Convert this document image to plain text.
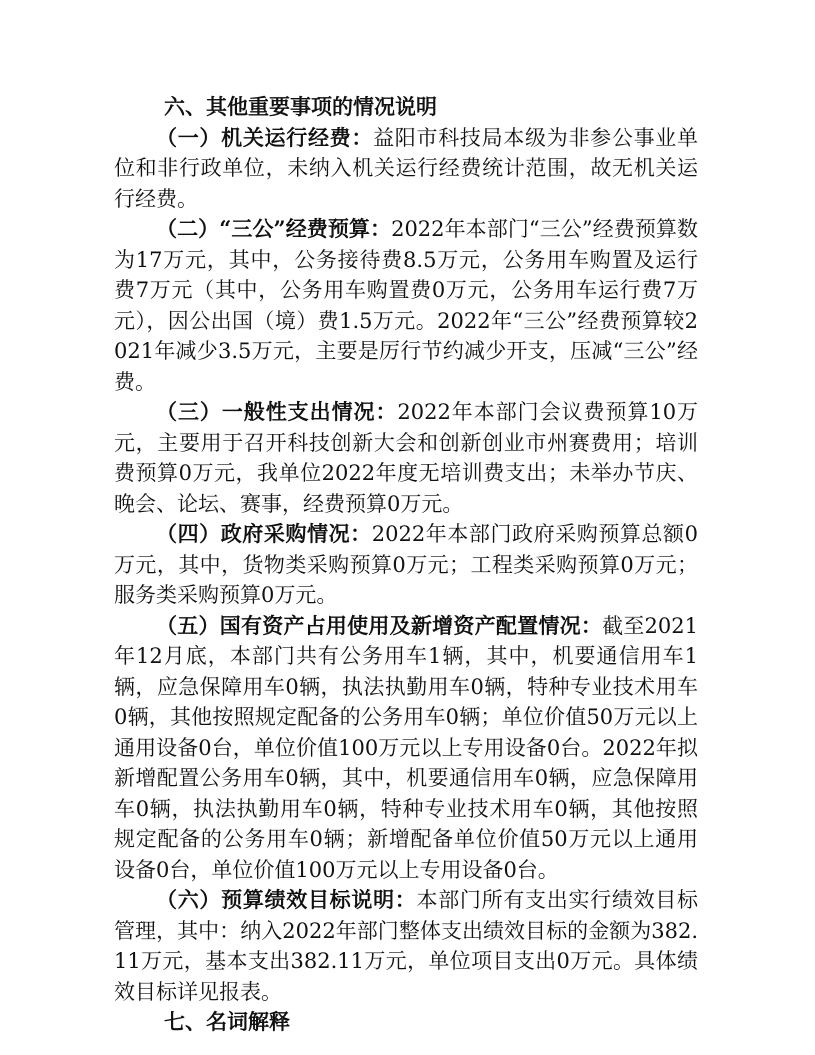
六、其他重要事项的情况说明

（一）机关运行经费：益阳市科技局本级为非参公事业单位和非行政单位，未纳入机关运行经费统计范围，故无机关运行经费。

（二）“三公”经费预算：2022年本部门“三公”经费预算数为17万元，其中，公务接待费8.5万元，公务用车购置及运行费7万元（其中，公务用车购置费0万元，公务用车运行费7万元），因公出国（境）费1.5万元。2022年“三公”经费预算较2021年减少3.5万元，主要是厉行节约减少开支，压减“三公”经费。

（三）一般性支出情况：2022年本部门会议费预算10万元，主要用于召开科技创新大会和创新创业市州赛费用；培训费预算0万元，我单位2022年度无培训费支出；未举办节庆、晚会、论坛、赛事，经费预算0万元。

（四）政府采购情况：2022年本部门政府采购预算总额0万元，其中，货物类采购预算0万元；工程类采购预算0万元；服务类采购预算0万元。

（五）国有资产占用使用及新增资产配置情况：截至2021年12月底，本部门共有公务用车1辆，其中，机要通信用车1辆，应急保障用车0辆，执法执勤用车0辆，特种专业技术用车0辆，其他按照规定配备的公务用车0辆；单位价值50万元以上通用设备0台，单位价值100万元以上专用设备0台。2022年拟新增配置公务用车0辆，其中，机要通信用车0辆，应急保障用车0辆，执法执勤用车0辆，特种专业技术用车0辆，其他按照规定配备的公务用车0辆；新增配备单位价值50万元以上通用设备0台，单位价值100万元以上专用设备0台。

（六）预算绩效目标说明：本部门所有支出实行绩效目标管理，其中：纳入2022年部门整体支出绩效目标的金额为382.11万元，基本支出382.11万元，单位项目支出0万元。具体绩效目标详见报表。

七、名词解释
